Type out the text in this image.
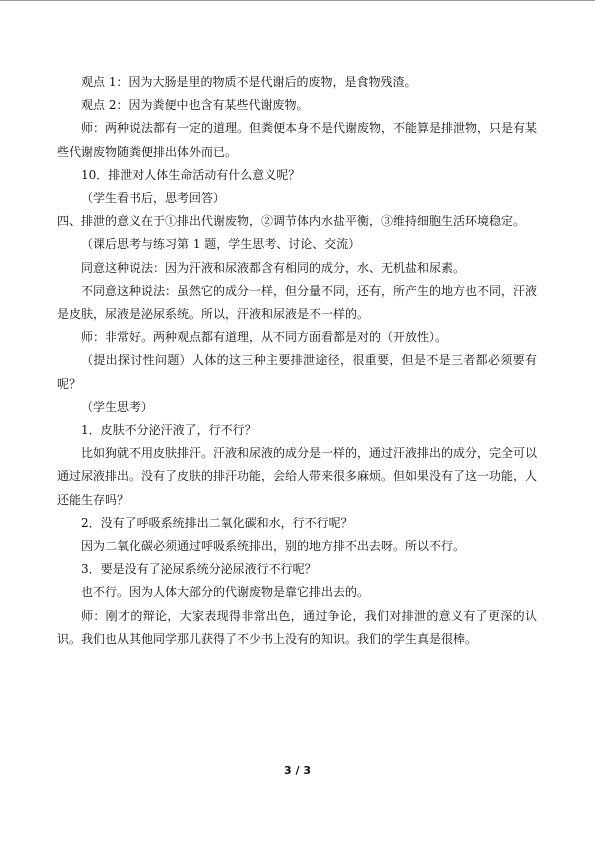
观点 1：因为大肠是里的物质不是代谢后的废物，是食物残渣。

观点 2：因为粪便中也含有某些代谢废物。

师：两种说法都有一定的道理。但粪便本身不是代谢废物，不能算是排泄物，只是有某些代谢废物随粪便排出体外而已。

10．排泄对人体生命活动有什么意义呢？

（学生看书后，思考回答）

四、排泄的意义在于①排出代谢废物，②调节体内水盐平衡，③维持细胞生活环境稳定。

（课后思考与练习第 1 题，学生思考、讨论、交流）

同意这种说法：因为汗液和尿液都含有相同的成分，水、无机盐和尿素。

不同意这种说法：虽然它的成分一样，但分量不同，还有，所产生的地方也不同，汗液是皮肤，尿液是泌尿系统。所以，汗液和尿液是不一样的。

师：非常好。两种观点都有道理，从不同方面看都是对的（开放性）。

（提出探讨性问题）人体的这三种主要排泄途径，很重要，但是不是三者都必须要有呢？

（学生思考）

1．皮肤不分泌汗液了，行不行？

比如狗就不用皮肤排汗。汗液和尿液的成分是一样的，通过汗液排出的成分，完全可以通过尿液排出。没有了皮肤的排汗功能，会给人带来很多麻烦。但如果没有了这一功能，人还能生存吗？

2．没有了呼吸系统排出二氧化碳和水，行不行呢？

因为二氧化碳必须通过呼吸系统排出，别的地方排不出去呀。所以不行。

3．要是没有了泌尿系统分泌尿液行不行呢？

也不行。因为人体大部分的代谢废物是靠它排出去的。

师：刚才的辩论，大家表现得非常出色，通过争论，我们对排泄的意义有了更深的认识。我们也从其他同学那儿获得了不少书上没有的知识。我们的学生真是很棒。

3 / 3
